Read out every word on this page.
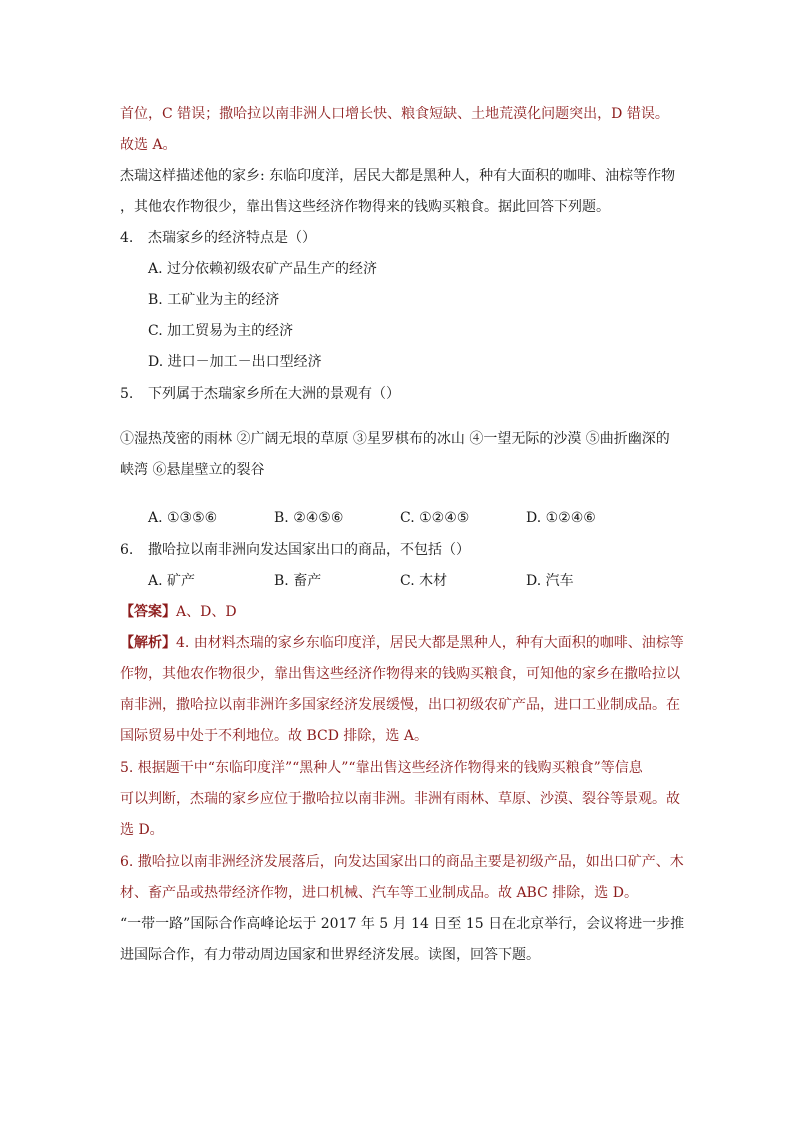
首位，C 错误；撒哈拉以南非洲人口增长快、粮食短缺、土地荒漠化问题突出，D 错误。
故选 A。
杰瑞这样描述他的家乡: 东临印度洋，居民大都是黑种人，种有大面积的咖啡、油棕等作物
，其他农作物很少，靠出售这些经济作物得来的钱购买粮食。据此回答下列题。
4. 杰瑞家乡的经济特点是（）
A. 过分依赖初级农矿产品生产的经济
B. 工矿业为主的经济
C. 加工贸易为主的经济
D. 进口－加工－出口型经济
5. 下列属于杰瑞家乡所在大洲的景观有（）
①湿热茂密的雨林 ②广阔无垠的草原 ③星罗棋布的冰山 ④一望无际的沙漠 ⑤曲折幽深的
峡湾 ⑥悬崖壁立的裂谷
A. ①③⑤⑥	B. ②④⑤⑥	C. ①②④⑤	D. ①②④⑥
6. 撒哈拉以南非洲向发达国家出口的商品，不包括（）
A. 矿产	B. 畜产	C. 木材	D. 汽车
【答案】A、D、D
【解析】4. 由材料杰瑞的家乡东临印度洋，居民大都是黑种人，种有大面积的咖啡、油棕等
作物，其他农作物很少，靠出售这些经济作物得来的钱购买粮食，可知他的家乡在撒哈拉以
南非洲，撒哈拉以南非洲许多国家经济发展缓慢，出口初级农矿产品，进口工业制成品。在
国际贸易中处于不利地位。故 BCD 排除，选 A。
5. 根据题干中“东临印度洋”“黑种人”“靠出售这些经济作物得来的钱购买粮食”等信息
可以判断，杰瑞的家乡应位于撒哈拉以南非洲。非洲有雨林、草原、沙漠、裂谷等景观。故
选 D。
6. 撒哈拉以南非洲经济发展落后，向发达国家出口的商品主要是初级产品，如出口矿产、木
材、畜产品或热带经济作物，进口机械、汽车等工业制成品。故 ABC 排除，选 D。
“一带一路”国际合作高峰论坛于 2017 年 5 月 14 日至 15 日在北京举行，会议将进一步推
进国际合作，有力带动周边国家和世界经济发展。读图，回答下题。
